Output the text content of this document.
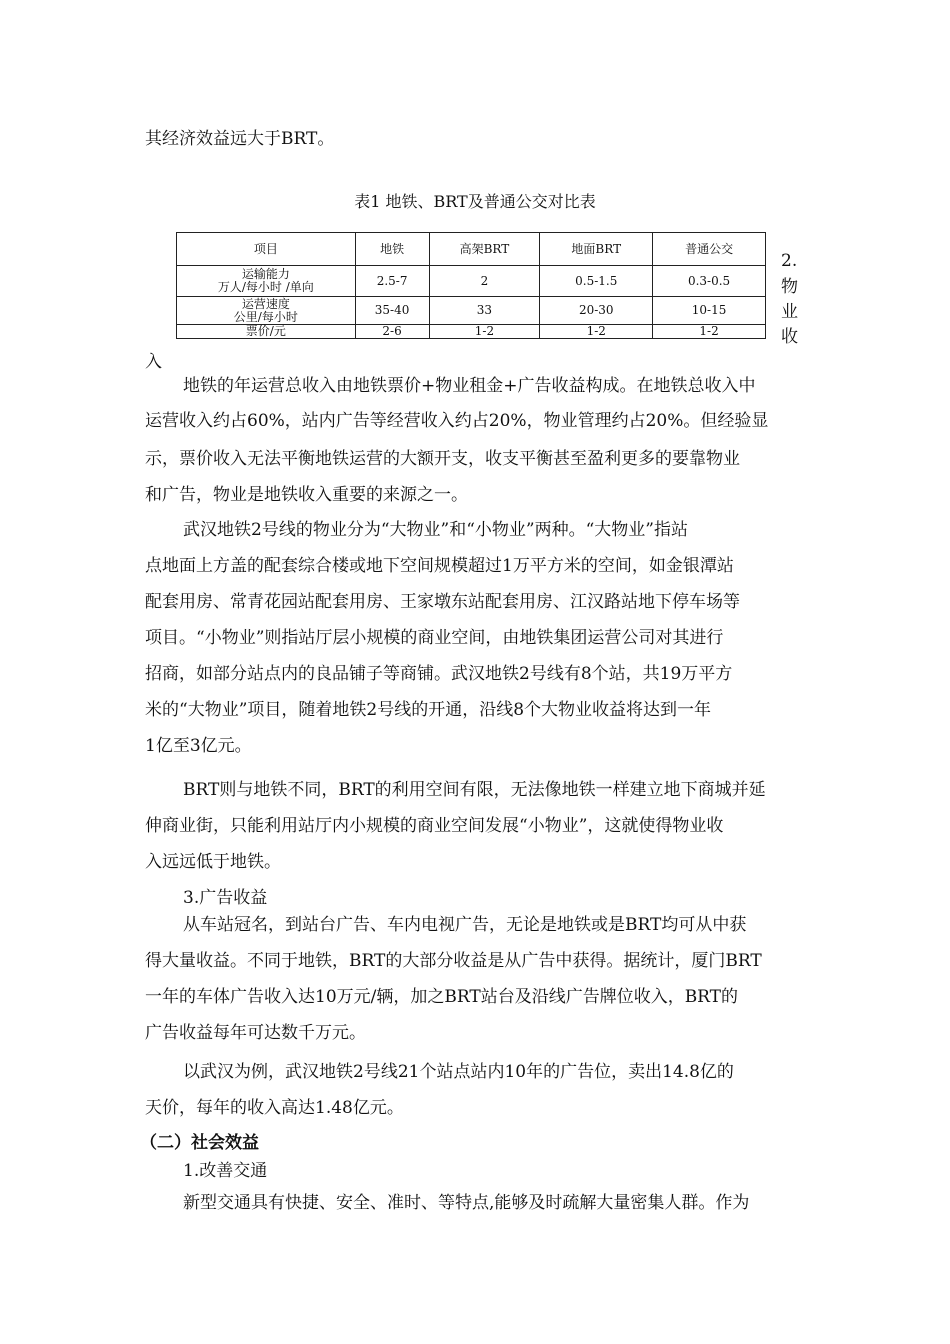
其经济效益远大于BRT。
表1 地铁、BRT及普通公交对比表
项目	地铁	高架BRT	地面BRT	普通公交

运输能力
万人/每小时 /单向	2.5-7	2	0.5-1.5	0.3-0.5

运营速度
公里/每小时	35-40	33	20-30	10-15
票价/元	2-6	1-2	1-2	1-2
2.
物
业
收
入
地铁的年运营总收入由地铁票价+物业租金+广告收益构成。在地铁总收入中
运营收入约占60%，站内广告等经营收入约占20%，物业管理约占20%。但经验显
示，票价收入无法平衡地铁运营的大额开支，收支平衡甚至盈利更多的要靠物业
和广告，物业是地铁收入重要的来源之一。
武汉地铁2号线的物业分为“大物业”和“小物业”两种。“大物业”指站
点地面上方盖的配套综合楼或地下空间规模超过1万平方米的空间，如金银潭站
配套用房、常青花园站配套用房、王家墩东站配套用房、江汉路站地下停车场等
项目。“小物业”则指站厅层小规模的商业空间，由地铁集团运营公司对其进行
招商，如部分站点内的良品铺子等商铺。武汉地铁2号线有8个站，共19万平方
米的“大物业”项目，随着地铁2号线的开通，沿线8个大物业收益将达到一年
1亿至3亿元。
BRT则与地铁不同，BRT的利用空间有限，无法像地铁一样建立地下商城并延
伸商业街，只能利用站厅内小规模的商业空间发展“小物业”，这就使得物业收
入远远低于地铁。
3.广告收益
从车站冠名，到站台广告、车内电视广告，无论是地铁或是BRT均可从中获
得大量收益。不同于地铁，BRT的大部分收益是从广告中获得。据统计，厦门BRT
一年的车体广告收入达10万元/辆，加之BRT站台及沿线广告牌位收入，BRT的
广告收益每年可达数千万元。
以武汉为例，武汉地铁2号线21个站点站内10年的广告位，卖出14.8亿的
天价，每年的收入高达1.48亿元。
（二）社会效益
1.改善交通
新型交通具有快捷、安全、准时、等特点,能够及时疏解大量密集人群。作为
